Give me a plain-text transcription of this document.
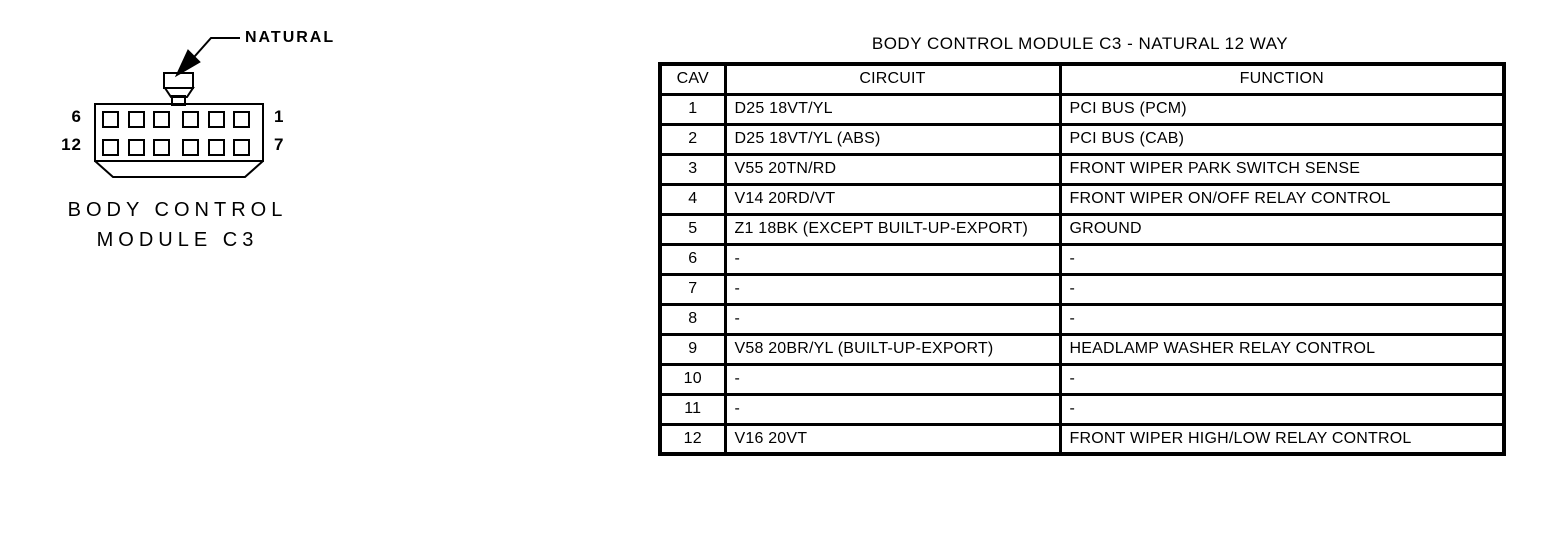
NATURAL
6
12
1
7
BODY CONTROL
MODULE C3
BODY CONTROL MODULE C3 - NATURAL 12 WAY
CAV	CIRCUIT	FUNCTION
1	D25 18VT/YL	PCI BUS (PCM)
2	D25 18VT/YL (ABS)	PCI BUS (CAB)
3	V55 20TN/RD	FRONT WIPER PARK SWITCH SENSE
4	V14 20RD/VT	FRONT WIPER ON/OFF RELAY CONTROL
5	Z1 18BK (EXCEPT BUILT-UP-EXPORT)	GROUND
6	-	-
7	-	-
8	-	-
9	V58 20BR/YL (BUILT-UP-EXPORT)	HEADLAMP WASHER RELAY CONTROL
10	-	-
11	-	-
12	V16 20VT	FRONT WIPER HIGH/LOW RELAY CONTROL
